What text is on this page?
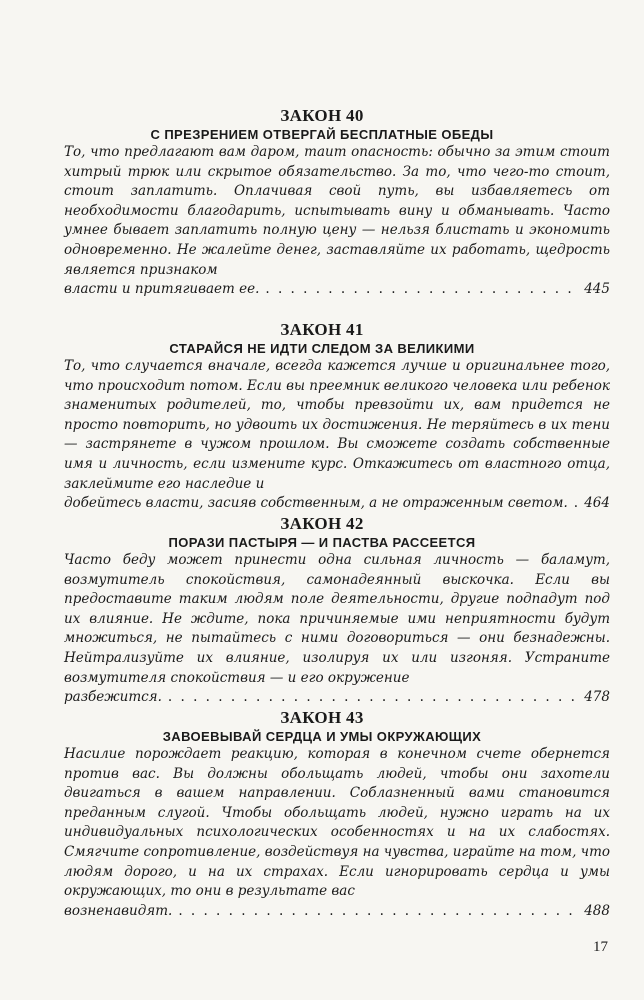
ЗАКОН 40
С ПРЕЗРЕНИЕМ ОТВЕРГАЙ БЕСПЛАТНЫЕ ОБЕДЫ
То, что предлагают вам даром, таит опасность: обычно за этим стоит хитрый трюк или скрытое обязательство. За то, что чего-то стоит, стоит заплатить. Оплачивая свой путь, вы избавляетесь от необходимости благодарить, испытывать вину и обманывать. Часто умнее бывает заплатить полную цену — нельзя блистать и экономить одновременно. Не жалейте денег, заставляйте их работать, щедрость является признаком
власти и притягивает ее. . . .	445
ЗАКОН 41
СТАРАЙСЯ НЕ ИДТИ СЛЕДОМ ЗА ВЕЛИКИМИ
То, что случается вначале, всегда кажется лучше и оригинальнее того, что происходит потом. Если вы преемник великого человека или ребенок знаменитых родителей, то, чтобы превзойти их, вам придется не просто повторить, но удвоить их достижения. Не теряйтесь в их тени — застрянете в чужом прошлом. Вы сможете создать собственные имя и личность, если измените курс. Откажитесь от властного отца, заклеймите его наследие и
добейтесь власти, засияв собственным, а не отраженным светом. . . . 464
ЗАКОН 42
ПОРАЗИ ПАСТЫРЯ — И ПАСТВА РАССЕЕТСЯ
Часто беду может принести одна сильная личность — баламут, возмутитель спокойствия, самонадеянный выскочка. Если вы предоставите таким людям поле деятельности, другие подпадут под их влияние. Не ждите, пока причиняемые ими неприятности будут множиться, не пытайтесь с ними договориться — они безнадежны. Нейтрализуйте их влияние, изолируя их или изгоняя. Устраните возмутителя спокойствия — и его окружение
разбежится. . . .	478
ЗАКОН 43
ЗАВОЕВЫВАЙ СЕРДЦА И УМЫ ОКРУЖАЮЩИХ
Насилие порождает реакцию, которая в конечном счете обернется против вас. Вы должны обольщать людей, чтобы они захотели двигаться в вашем направлении. Соблазненный вами становится преданным слугой. Чтобы обольщать людей, нужно играть на их индивидуальных психологических особенностях и на их слабостях. Смягчите сопротивление, воздействуя на чувства, играйте на том, что людям дорого, и на их страхах. Если игнорировать сердца и умы окружающих, то они в результате вас
возненавидят. . . .	488
17
